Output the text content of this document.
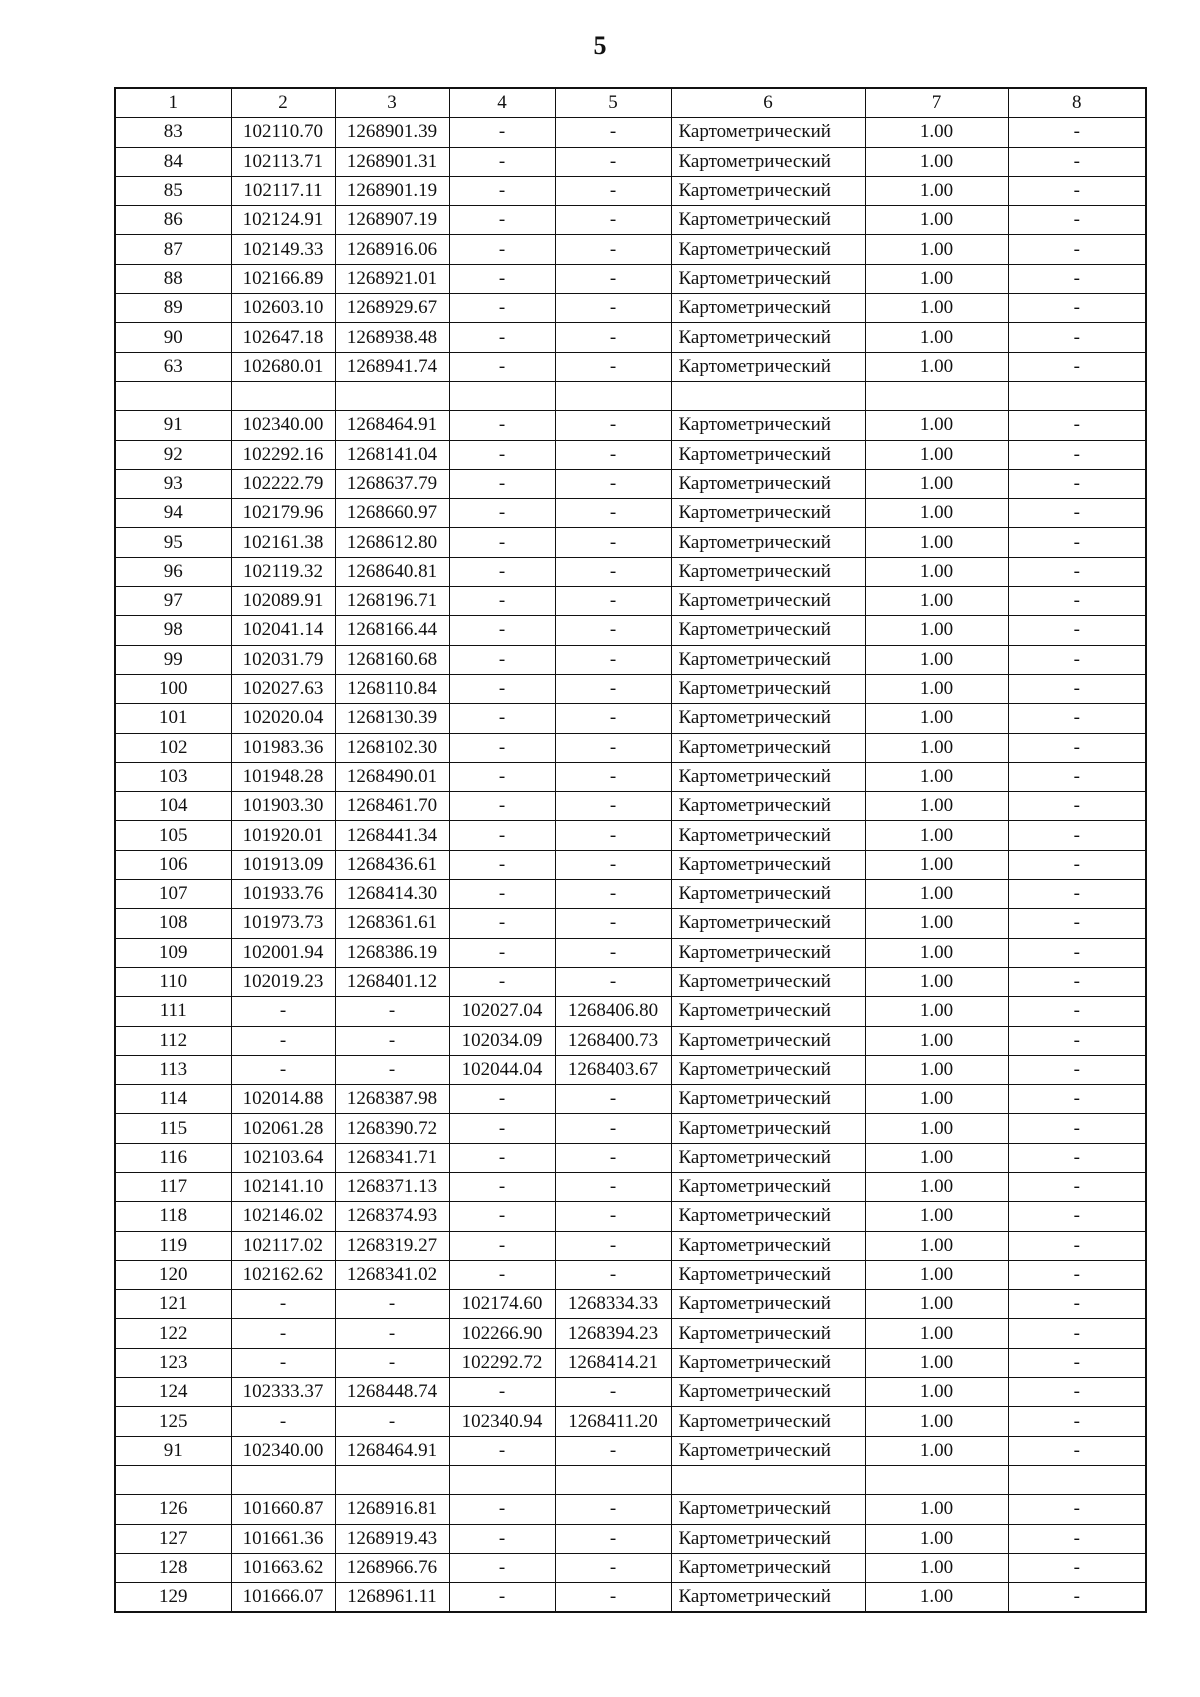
5
1	2	3	4	5	6	7	8
83	102110.70	1268901.39	-	-	Картометрический	1.00	-
84	102113.71	1268901.31	-	-	Картометрический	1.00	-
85	102117.11	1268901.19	-	-	Картометрический	1.00	-
86	102124.91	1268907.19	-	-	Картометрический	1.00	-
87	102149.33	1268916.06	-	-	Картометрический	1.00	-
88	102166.89	1268921.01	-	-	Картометрический	1.00	-
89	102603.10	1268929.67	-	-	Картометрический	1.00	-
90	102647.18	1268938.48	-	-	Картометрический	1.00	-
63	102680.01	1268941.74	-	-	Картометрический	1.00	-

91	102340.00	1268464.91	-	-	Картометрический	1.00	-
92	102292.16	1268141.04	-	-	Картометрический	1.00	-
93	102222.79	1268637.79	-	-	Картометрический	1.00	-
94	102179.96	1268660.97	-	-	Картометрический	1.00	-
95	102161.38	1268612.80	-	-	Картометрический	1.00	-
96	102119.32	1268640.81	-	-	Картометрический	1.00	-
97	102089.91	1268196.71	-	-	Картометрический	1.00	-
98	102041.14	1268166.44	-	-	Картометрический	1.00	-
99	102031.79	1268160.68	-	-	Картометрический	1.00	-
100	102027.63	1268110.84	-	-	Картометрический	1.00	-
101	102020.04	1268130.39	-	-	Картометрический	1.00	-
102	101983.36	1268102.30	-	-	Картометрический	1.00	-
103	101948.28	1268490.01	-	-	Картометрический	1.00	-
104	101903.30	1268461.70	-	-	Картометрический	1.00	-
105	101920.01	1268441.34	-	-	Картометрический	1.00	-
106	101913.09	1268436.61	-	-	Картометрический	1.00	-
107	101933.76	1268414.30	-	-	Картометрический	1.00	-
108	101973.73	1268361.61	-	-	Картометрический	1.00	-
109	102001.94	1268386.19	-	-	Картометрический	1.00	-
110	102019.23	1268401.12	-	-	Картометрический	1.00	-
111	-	-	102027.04	1268406.80	Картометрический	1.00	-
112	-	-	102034.09	1268400.73	Картометрический	1.00	-
113	-	-	102044.04	1268403.67	Картометрический	1.00	-
114	102014.88	1268387.98	-	-	Картометрический	1.00	-
115	102061.28	1268390.72	-	-	Картометрический	1.00	-
116	102103.64	1268341.71	-	-	Картометрический	1.00	-
117	102141.10	1268371.13	-	-	Картометрический	1.00	-
118	102146.02	1268374.93	-	-	Картометрический	1.00	-
119	102117.02	1268319.27	-	-	Картометрический	1.00	-
120	102162.62	1268341.02	-	-	Картометрический	1.00	-
121	-	-	102174.60	1268334.33	Картометрический	1.00	-
122	-	-	102266.90	1268394.23	Картометрический	1.00	-
123	-	-	102292.72	1268414.21	Картометрический	1.00	-
124	102333.37	1268448.74	-	-	Картометрический	1.00	-
125	-	-	102340.94	1268411.20	Картометрический	1.00	-
91	102340.00	1268464.91	-	-	Картометрический	1.00	-

126	101660.87	1268916.81	-	-	Картометрический	1.00	-
127	101661.36	1268919.43	-	-	Картометрический	1.00	-
128	101663.62	1268966.76	-	-	Картометрический	1.00	-
129	101666.07	1268961.11	-	-	Картометрический	1.00	-
